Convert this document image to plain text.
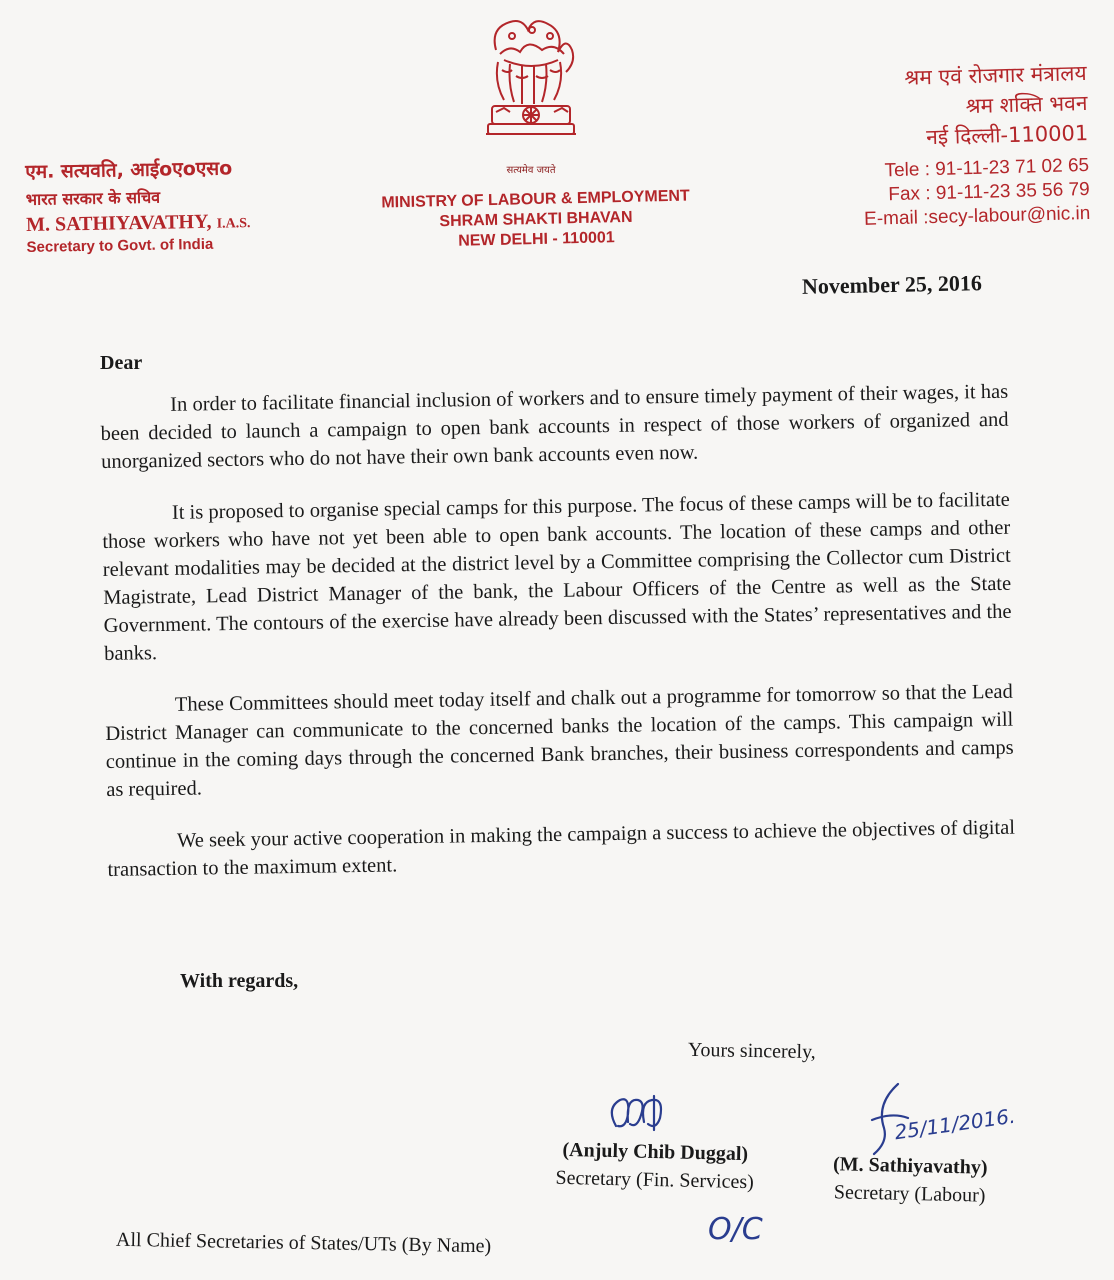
सत्यमेव जयते
एम. सत्यवति, आईoएoएसo
भारत सरकार के सचिव
M. SATHIYAVATHY, I.A.S.
Secretary to Govt. of India
MINISTRY OF LABOUR & EMPLOYMENT
SHRAM SHAKTI BHAVAN
NEW DELHI - 110001
श्रम एवं रोजगार मंत्रालय
श्रम शक्ति भवन
नई दिल्ली-110001
Tele : 91-11-23 71 02 65
Fax : 91-11-23 35 56 79
E-mail :secy-labour@nic.in
November 25, 2016
Dear

In order to facilitate financial inclusion of workers and to ensure timely payment of their wages, it has been decided to launch a campaign to open bank accounts in respect of those workers of organized and unorganized sectors who do not have their own bank accounts even now.

It is proposed to organise special camps for this purpose. The focus of these camps will be to facilitate those workers who have not yet been able to open bank accounts. The location of these camps and other relevant modalities may be decided at the district level by a Committee comprising the Collector cum District Magistrate, Lead District Manager of the bank, the Labour Officers of the Centre as well as the State Government. The contours of the exercise have already been discussed with the States’ representatives and the banks.

These Committees should meet today itself and chalk out a programme for tomorrow so that the Lead District Manager can communicate to the concerned banks the location of the camps. This campaign will continue in the coming days through the concerned Bank branches, their business correspondents and camps as required.

We seek your active cooperation in making the campaign a success to achieve the objectives of digital transaction to the maximum extent.

With regards,
Yours sincerely,
25/11/2016.
(Anjuly Chib Duggal)
Secretary (Fin. Services)
(M. Sathiyavathy)
Secretary (Labour)
O/C
All Chief Secretaries of States/UTs (By Name)
